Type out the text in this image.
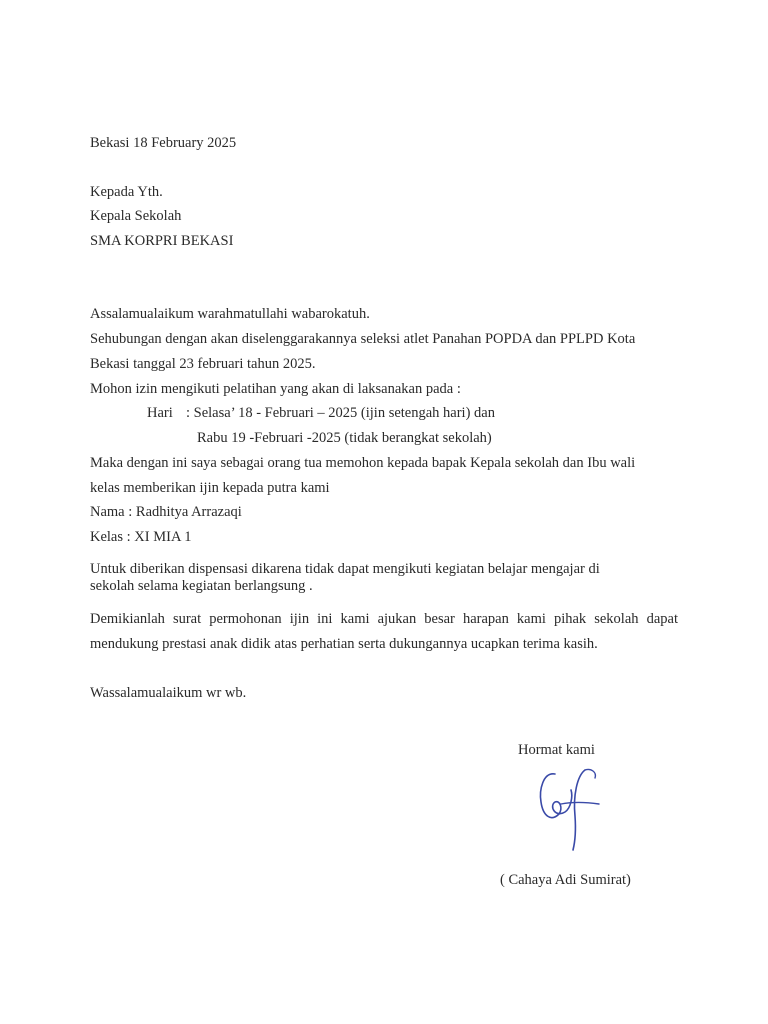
Bekasi 18 February 2025
Kepada Yth.
Kepala Sekolah
SMA KORPRI BEKASI
Assalamualaikum warahmatullahi wabarokatuh.
Sehubungan dengan akan diselenggarakannya seleksi atlet Panahan POPDA dan PPLPD Kota
Bekasi tanggal 23 februari tahun 2025.
Mohon izin mengikuti pelatihan yang akan di laksanakan pada :
Hari : Selasa’ 18 - Februari – 2025 (ijin setengah hari) dan
Rabu 19 -Februari -2025 (tidak berangkat sekolah)
Maka dengan ini saya sebagai orang tua memohon kepada bapak Kepala sekolah dan Ibu wali
kelas memberikan ijin kepada putra kami
Nama : Radhitya Arrazaqi
Kelas : XI MIA 1
Untuk diberikan dispensasi dikarena tidak dapat mengikuti kegiatan belajar mengajar di
sekolah selama kegiatan berlangsung .
Demikianlah surat permohonan ijin ini kami ajukan besar harapan kami pihak sekolah dapat
mendukung prestasi anak didik atas perhatian serta dukungannya ucapkan terima kasih.
Wassalamualaikum wr wb.
Hormat kami
( Cahaya Adi Sumirat)
